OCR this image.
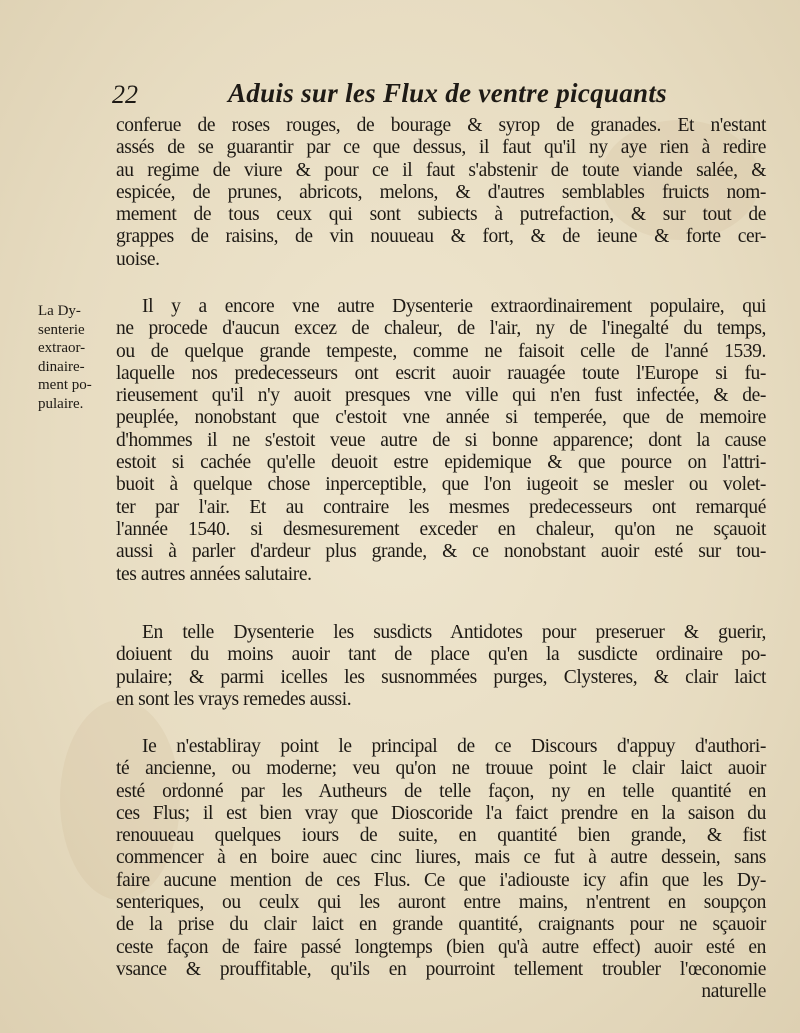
22	Aduis sur les Flux de ventre picquants
La Dy-
senterie
extraor-
dinaire-
ment po-
pulaire.
conferue de roses rouges, de bourage & syrop de granades. Et n'estant
assés de se guarantir par ce que dessus, il faut qu'il ny aye rien à redire
au regime de viure & pour ce il faut s'abstenir de toute viande salée, &
espicée, de prunes, abricots, melons, & d'autres semblables fruicts nom-
mement de tous ceux qui sont subiects à putrefaction, & sur tout de
grappes de raisins, de vin nouueau & fort, & de ieune & forte cer-
uoise.
Il y a encore vne autre Dysenterie extraordinairement populaire, qui
ne procede d'aucun excez de chaleur, de l'air, ny de l'inegalté du temps,
ou de quelque grande tempeste, comme ne faisoit celle de l'anné 1539.
laquelle nos predecesseurs ont escrit auoir rauagée toute l'Europe si fu-
rieusement qu'il n'y auoit presques vne ville qui n'en fust infectée, & de-
peuplée, nonobstant que c'estoit vne année si temperée, que de memoire
d'hommes il ne s'estoit veue autre de si bonne apparence; dont la cause
estoit si cachée qu'elle deuoit estre epidemique & que pource on l'attri-
buoit à quelque chose inperceptible, que l'on iugeoit se mesler ou volet-
ter par l'air. Et au contraire les mesmes predecesseurs ont remarqué
l'année 1540. si desmesurement exceder en chaleur, qu'on ne sçauoit
aussi à parler d'ardeur plus grande, & ce nonobstant auoir esté sur tou-
tes autres années salutaire.
En telle Dysenterie les susdicts Antidotes pour preseruer & guerir,
doiuent du moins auoir tant de place qu'en la susdicte ordinaire po-
pulaire; & parmi icelles les susnommées purges, Clysteres, & clair laict
en sont les vrays remedes aussi.
Ie n'establiray point le principal de ce Discours d'appuy d'authori-
té ancienne, ou moderne; veu qu'on ne trouue point le clair laict auoir
esté ordonné par les Autheurs de telle façon, ny en telle quantité en
ces Flus; il est bien vray que Dioscoride l'a faict prendre en la saison du
renouueau quelques iours de suite, en quantité bien grande, & fist
commencer à en boire auec cinc liures, mais ce fut à autre dessein, sans
faire aucune mention de ces Flus. Ce que i'adiouste icy afin que les Dy-
senteriques, ou ceulx qui les auront entre mains, n'entrent en soupçon
de la prise du clair laict en grande quantité, craignants pour ne sçauoir
ceste façon de faire passé longtemps (bien qu'à autre effect) auoir esté en
vsance & prouffitable, qu'ils en pourroint tellement troubler l'œconomie
naturelle
